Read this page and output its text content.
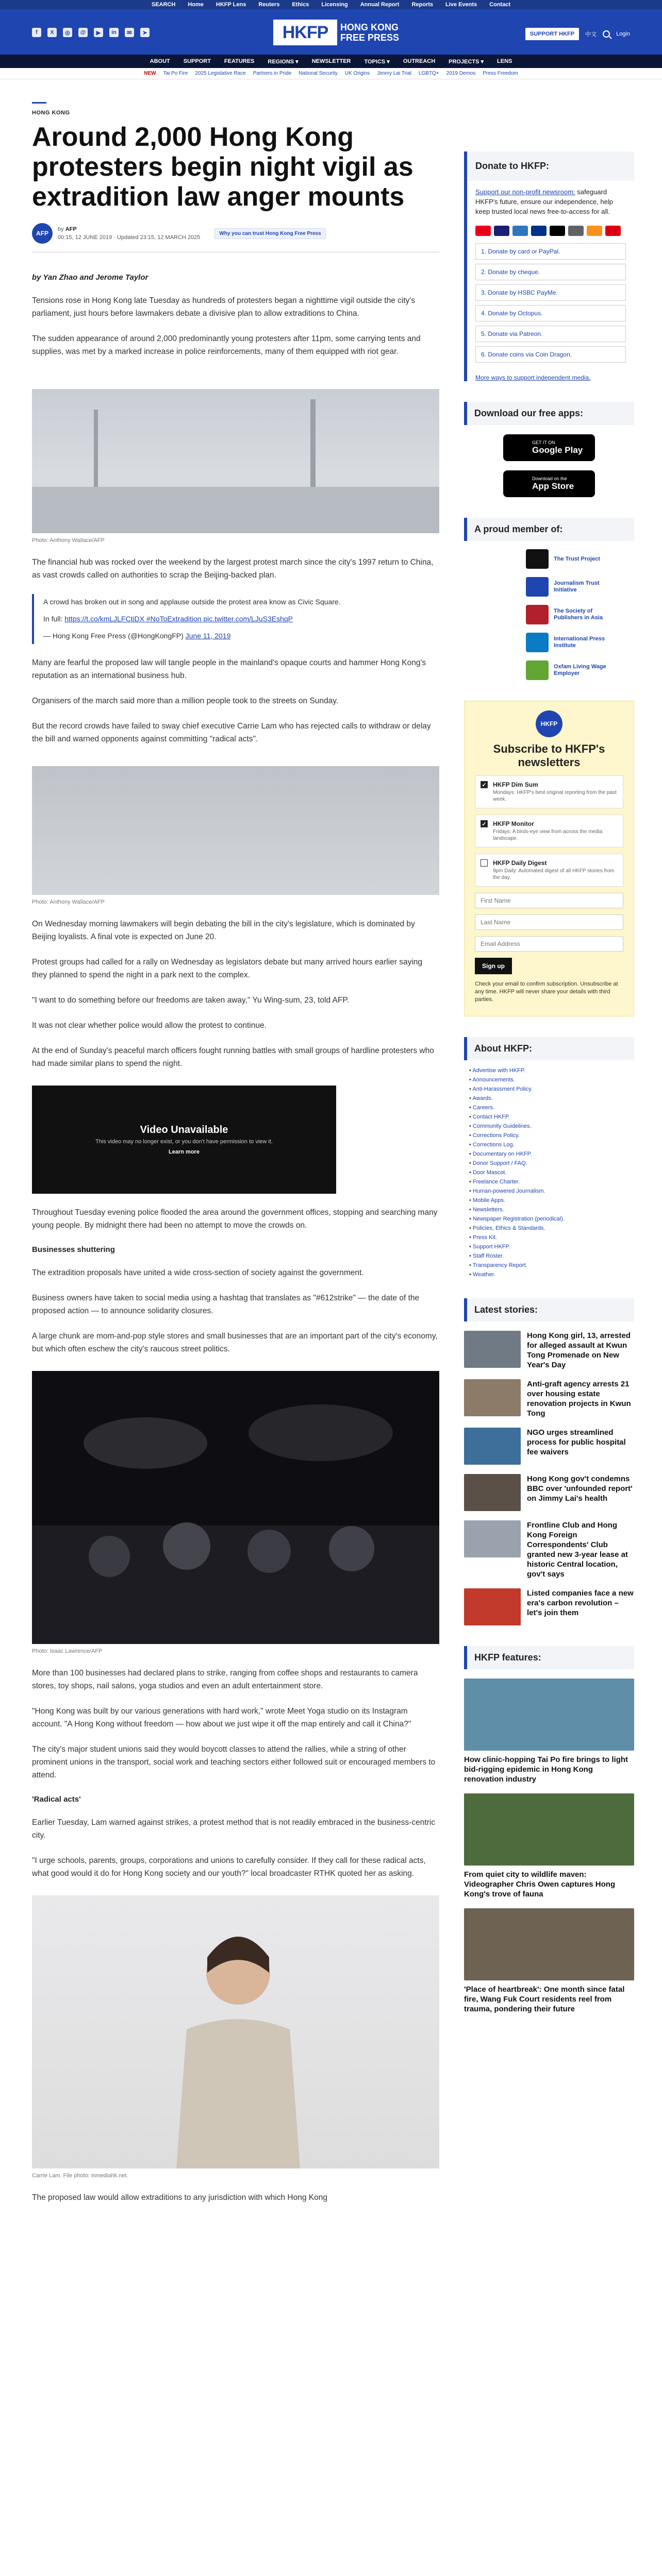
SEARCH Home HKFP Lens Reuters Ethics Licensing Annual Report Reports Live Events Contact
f	X	◎	@	▶	in	✉	➤	HKFP	HONG KONG
FREE PRESS	SUPPORT HKFP	中文	Login
ABOUT SUPPORT FEATURES REGIONS ▾ NEWSLETTER TOPICS ▾ OUTREACH PROJECTS ▾ LENS
NEW Tai Po Fire 2025 Legislative Race Partners in Pride National Security UK Origins Jimmy Lai Trial LGBTQ+ 2019 Demos Press Freedom
HONG KONG
Around 2,000 Hong Kong protesters begin night vigil as extradition law anger mounts
AFP
by AFP
00:15, 12 JUNE 2019 · Updated 23:15, 12 MARCH 2025
Why you can trust Hong Kong Free Press
by Yan Zhao and Jerome Taylor

Tensions rose in Hong Kong late Tuesday as hundreds of protesters began a nighttime vigil outside the city's parliament, just hours before lawmakers debate a divisive plan to allow extraditions to China.

The sudden appearance of around 2,000 predominantly young protesters after 11pm, some carrying tents and supplies, was met by a marked increase in police reinforcements, many of them equipped with riot gear.

Photo: Anthony Wallace/AFP

The financial hub was rocked over the weekend by the largest protest march since the city's 1997 return to China, as vast crowds called on authorities to scrap the Beijing-backed plan.

A crowd has broken out in song and applause outside the protest area know as Civic Square.
In full: https://t.co/kmLJLFCtiDX #NoToExtradition pic.twitter.com/LJuS3EshqP
— Hong Kong Free Press (@HongKongFP) June 11, 2019

Many are fearful the proposed law will tangle people in the mainland's opaque courts and hammer Hong Kong's reputation as an international business hub.

Organisers of the march said more than a million people took to the streets on Sunday.

But the record crowds have failed to sway chief executive Carrie Lam who has rejected calls to withdraw or delay the bill and warned opponents against committing "radical acts".

Photo: Anthony Wallace/AFP

On Wednesday morning lawmakers will begin debating the bill in the city's legislature, which is dominated by Beijing loyalists. A final vote is expected on June 20.

Protest groups had called for a rally on Wednesday as legislators debate but many arrived hours earlier saying they planned to spend the night in a park next to the complex.

"I want to do something before our freedoms are taken away," Yu Wing-sum, 23, told AFP.

It was not clear whether police would allow the protest to continue.

At the end of Sunday's peaceful march officers fought running battles with small groups of hardline protesters who had made similar plans to spend the night.

Video Unavailable
This video may no longer exist, or you don't have permission to view it.
Learn more

Throughout Tuesday evening police flooded the area around the government offices, stopping and searching many young people. By midnight there had been no attempt to move the crowds on.

Businesses shuttering

The extradition proposals have united a wide cross-section of society against the government.

Business owners have taken to social media using a hashtag that translates as "#612strike" — the date of the proposed action — to announce solidarity closures.

A large chunk are mom-and-pop style stores and small businesses that are an important part of the city's economy, but which often eschew the city's raucous street politics.

Photo: Isaac Lawrence/AFP

More than 100 businesses had declared plans to strike, ranging from coffee shops and restaurants to camera stores, toy shops, nail salons, yoga studios and even an adult entertainment store.

"Hong Kong was built by our various generations with hard work," wrote Meet Yoga studio on its Instagram account. "A Hong Kong without freedom — how about we just wipe it off the map entirely and call it China?"

The city's major student unions said they would boycott classes to attend the rallies, while a string of other prominent unions in the transport, social work and teaching sectors either followed suit or encouraged members to attend.

'Radical acts'

Earlier Tuesday, Lam warned against strikes, a protest method that is not readily embraced in the business-centric city.

"I urge schools, parents, groups, corporations and unions to carefully consider. If they call for these radical acts, what good would it do for Hong Kong society and our youth?" local broadcaster RTHK quoted her as asking.

Carrie Lam. File photo: inmediahk.net.

The proposed law would allow extraditions to any jurisdiction with which Hong Kong

Donate to HKFP:
Support our non-profit newsroom: safeguard HKFP's future, ensure our independence, help keep trusted local news free-to-access for all.
1. Donate by card or PayPal.
2. Donate by cheque.
3. Donate by HSBC PayMe.
4. Donate by Octopus.
5. Donate via Patreon.
6. Donate coins via Coin Dragon.
More ways to support independent media.
Download our free apps:
GET IT ON
Google Play
Download on the
App Store
A proud member of:
The Trust Project
Journalism Trust Initiative
The Society of Publishers in Asia
International Press Institute
Oxfam Living Wage Employer
HKFP
Subscribe to HKFP's newsletters
✓ HKFP Dim Sum
Mondays: HKFP's best original reporting from the past week.
✓ HKFP Monitor
Fridays: A birds-eye view from across the media landscape.
HKFP Daily Digest
9pm Daily: Automated digest of all HKFP stories from the day.
First Name Last Name Email Address Sign up
Check your email to confirm subscription. Unsubscribe at any time. HKFP will never share your details with third parties.
About HKFP:
• Advertise with HKFP.
• Announcements.
• Anti-Harassment Policy.
• Awards.
• Careers.
• Contact HKFP.
• Community Guidelines.
• Corrections Policy.
• Corrections Log.
• Documentary on HKFP.
• Donor Support / FAQ.
• Door Mascot.
• Freelance Charter.
• Human-powered Journalism.
• Mobile Apps.
• Newsletters.
• Newspaper Registration (periodical).
• Policies, Ethics & Standards.
• Press Kit.
• Support HKFP.
• Staff Roster.
• Transparency Report.
• Weather.
Latest stories:
Hong Kong girl, 13, arrested for alleged assault at Kwun Tong Promenade on New Year's Day
Anti-graft agency arrests 21 over housing estate renovation projects in Kwun Tong
NGO urges streamlined process for public hospital fee waivers
Hong Kong gov't condemns BBC over 'unfounded report' on Jimmy Lai's health
Frontline Club and Hong Kong Foreign Correspondents' Club granted new 3-year lease at historic Central location, gov't says
Listed companies face a new era's carbon revolution – let's join them
HKFP features:
How clinic-hopping Tai Po fire brings to light bid-rigging epidemic in Hong Kong renovation industry
From quiet city to wildlife maven: Videographer Chris Owen captures Hong Kong's trove of fauna
'Place of heartbreak': One month since fatal fire, Wang Fuk Court residents reel from trauma, pondering their future
